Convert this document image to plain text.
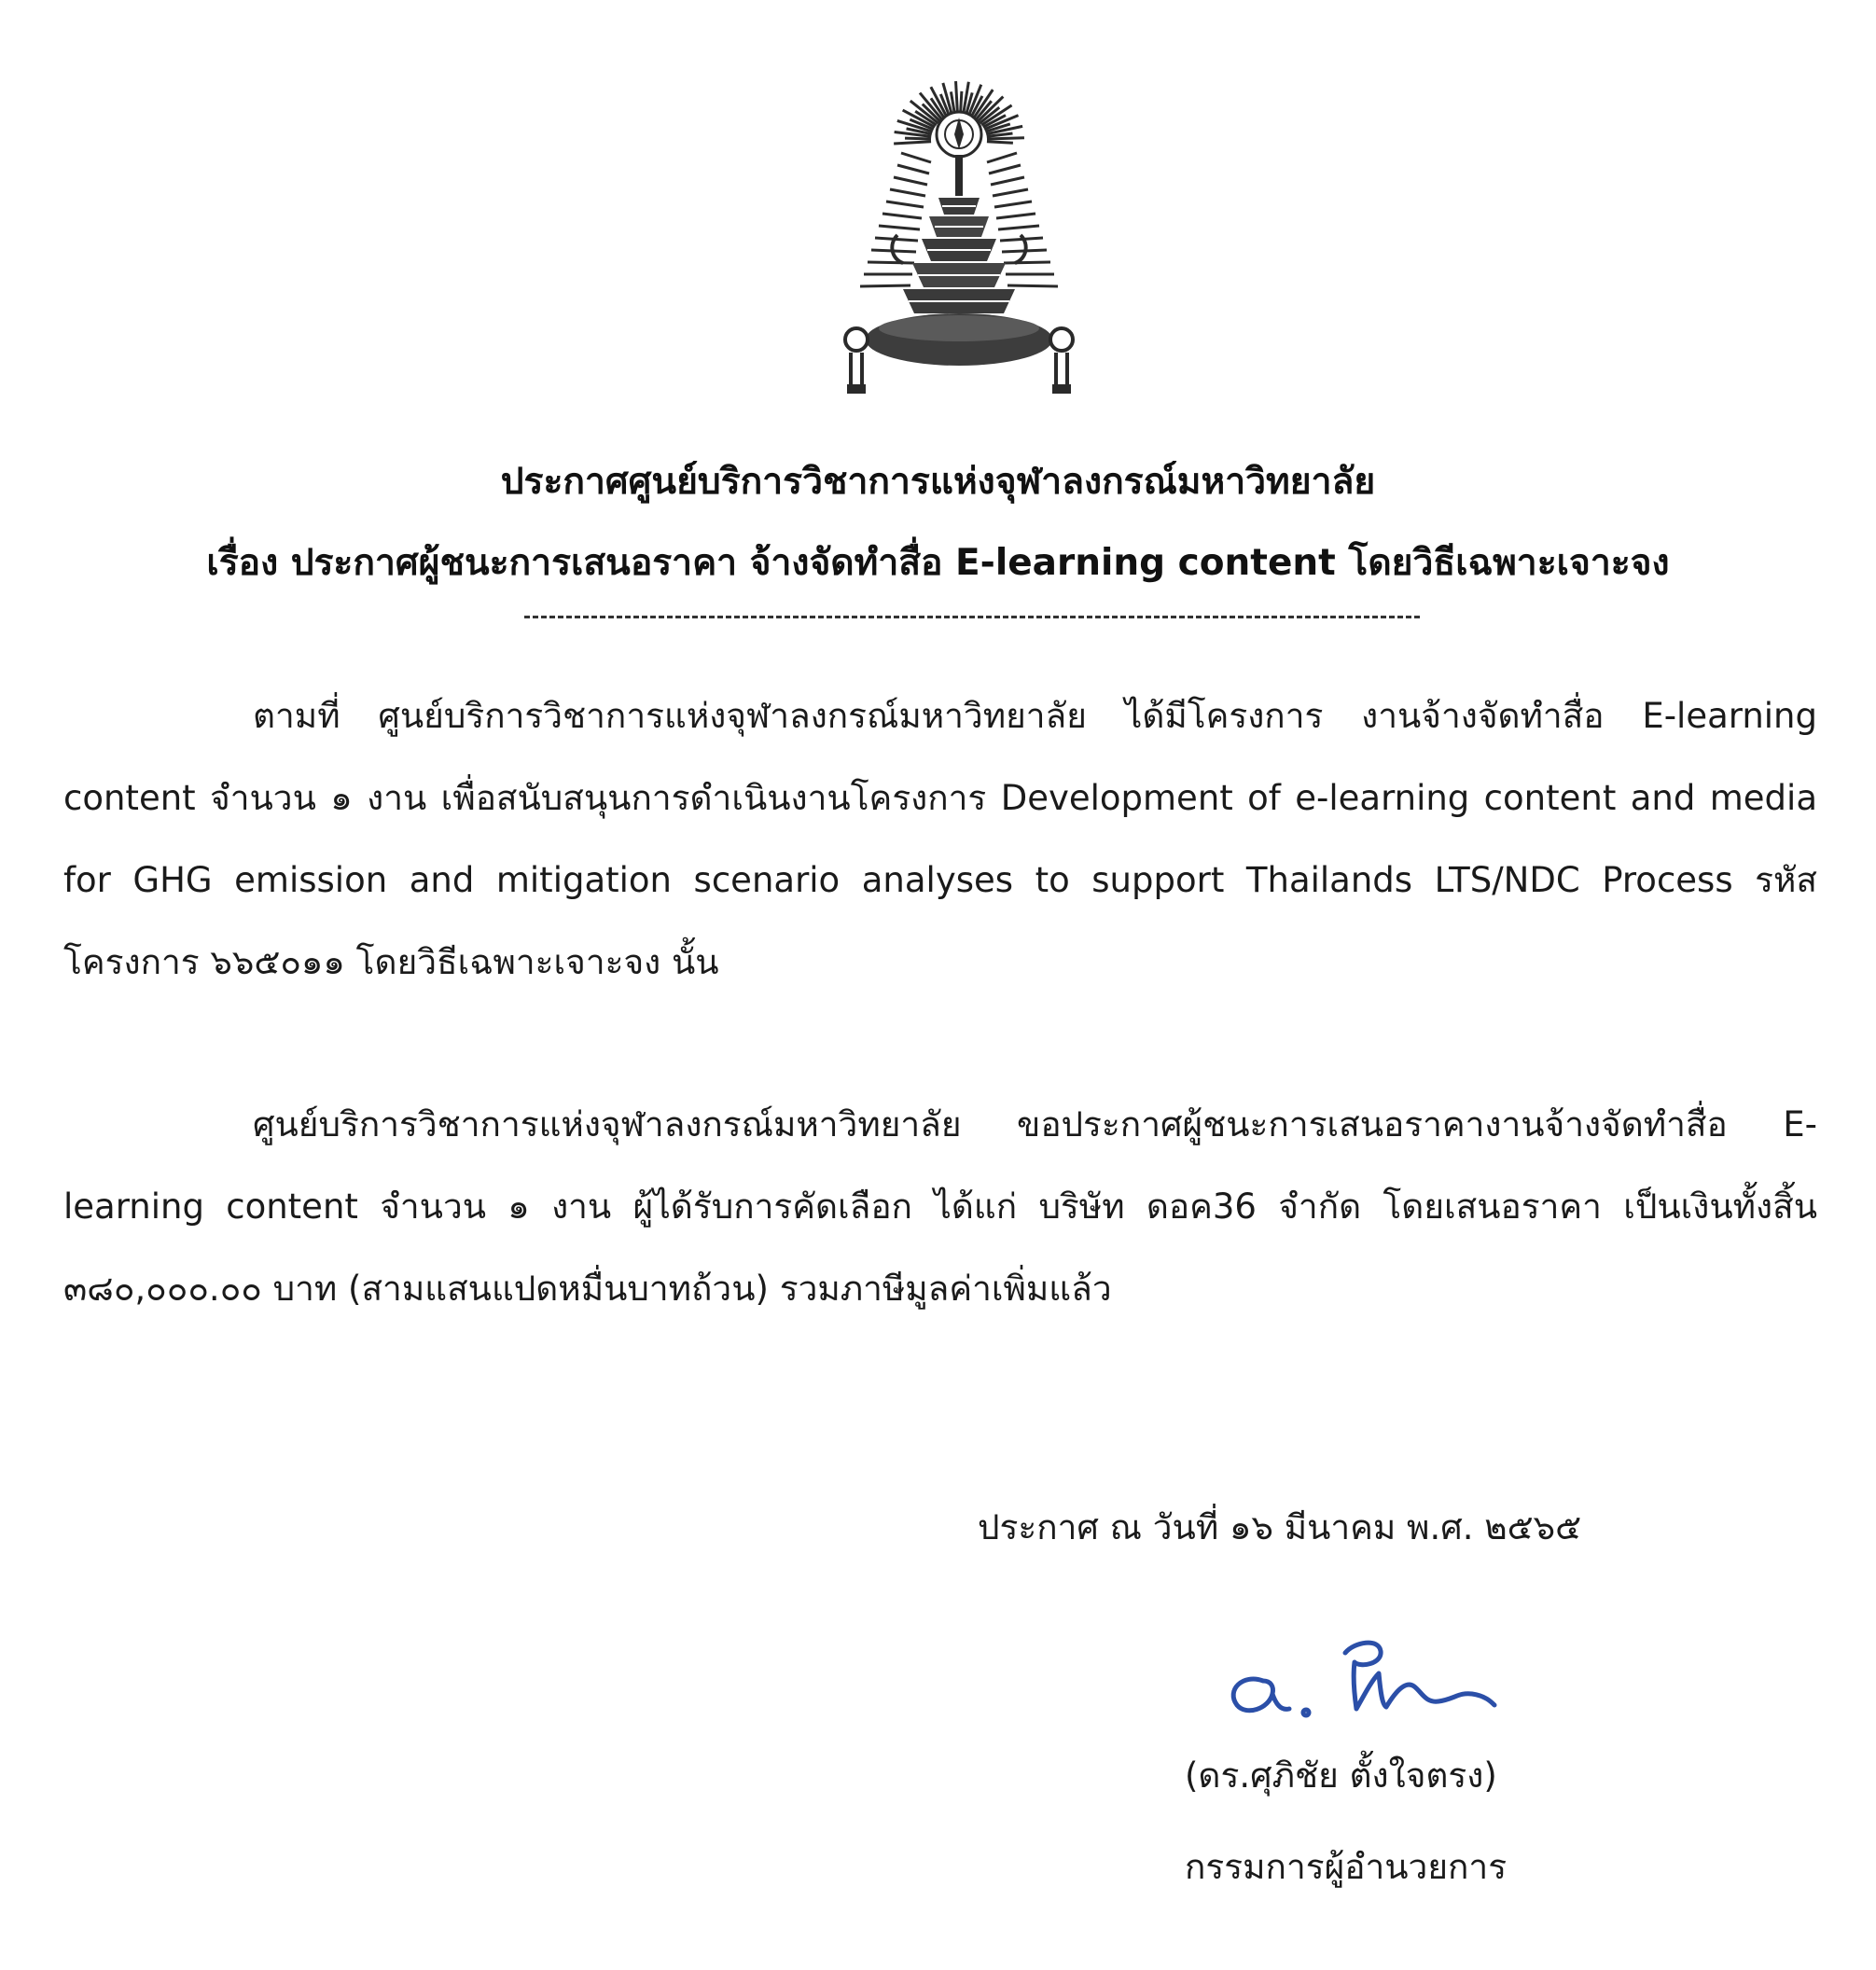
ประกาศศูนย์บริการวิชาการแห่งจุฬาลงกรณ์มหาวิทยาลัย
เรื่อง ประกาศผู้ชนะการเสนอราคา จ้างจัดทำสื่อ E-learning content โดยวิธีเฉพาะเจาะจง
ตามที่ ศูนย์บริการวิชาการแห่งจุฬาลงกรณ์มหาวิทยาลัย ได้มีโครงการ งานจ้างจัดทำสื่อ E-learning content จำนวน ๑ งาน เพื่อสนับสนุนการดำเนินงานโครงการ Development of e-learning content and media for GHG emission and mitigation scenario analyses to support Thailands LTS/NDC Process รหัสโครงการ ๖๖๕๐๑๑ โดยวิธีเฉพาะเจาะจง นั้น
ศูนย์บริการวิชาการแห่งจุฬาลงกรณ์มหาวิทยาลัย ขอประกาศผู้ชนะการเสนอราคางานจ้างจัดทำสื่อ E-learning content จำนวน ๑ งาน ผู้ได้รับการคัดเลือก ได้แก่ บริษัท ดอค36 จำกัด โดยเสนอราคา เป็นเงินทั้งสิ้น ๓๘๐,๐๐๐.๐๐ บาท (สามแสนแปดหมื่นบาทถ้วน) รวมภาษีมูลค่าเพิ่มแล้ว
ประกาศ ณ วันที่ ๑๖ มีนาคม พ.ศ. ๒๕๖๕
(ดร.ศุภิชัย ตั้งใจตรง)
กรรมการผู้อำนวยการ
